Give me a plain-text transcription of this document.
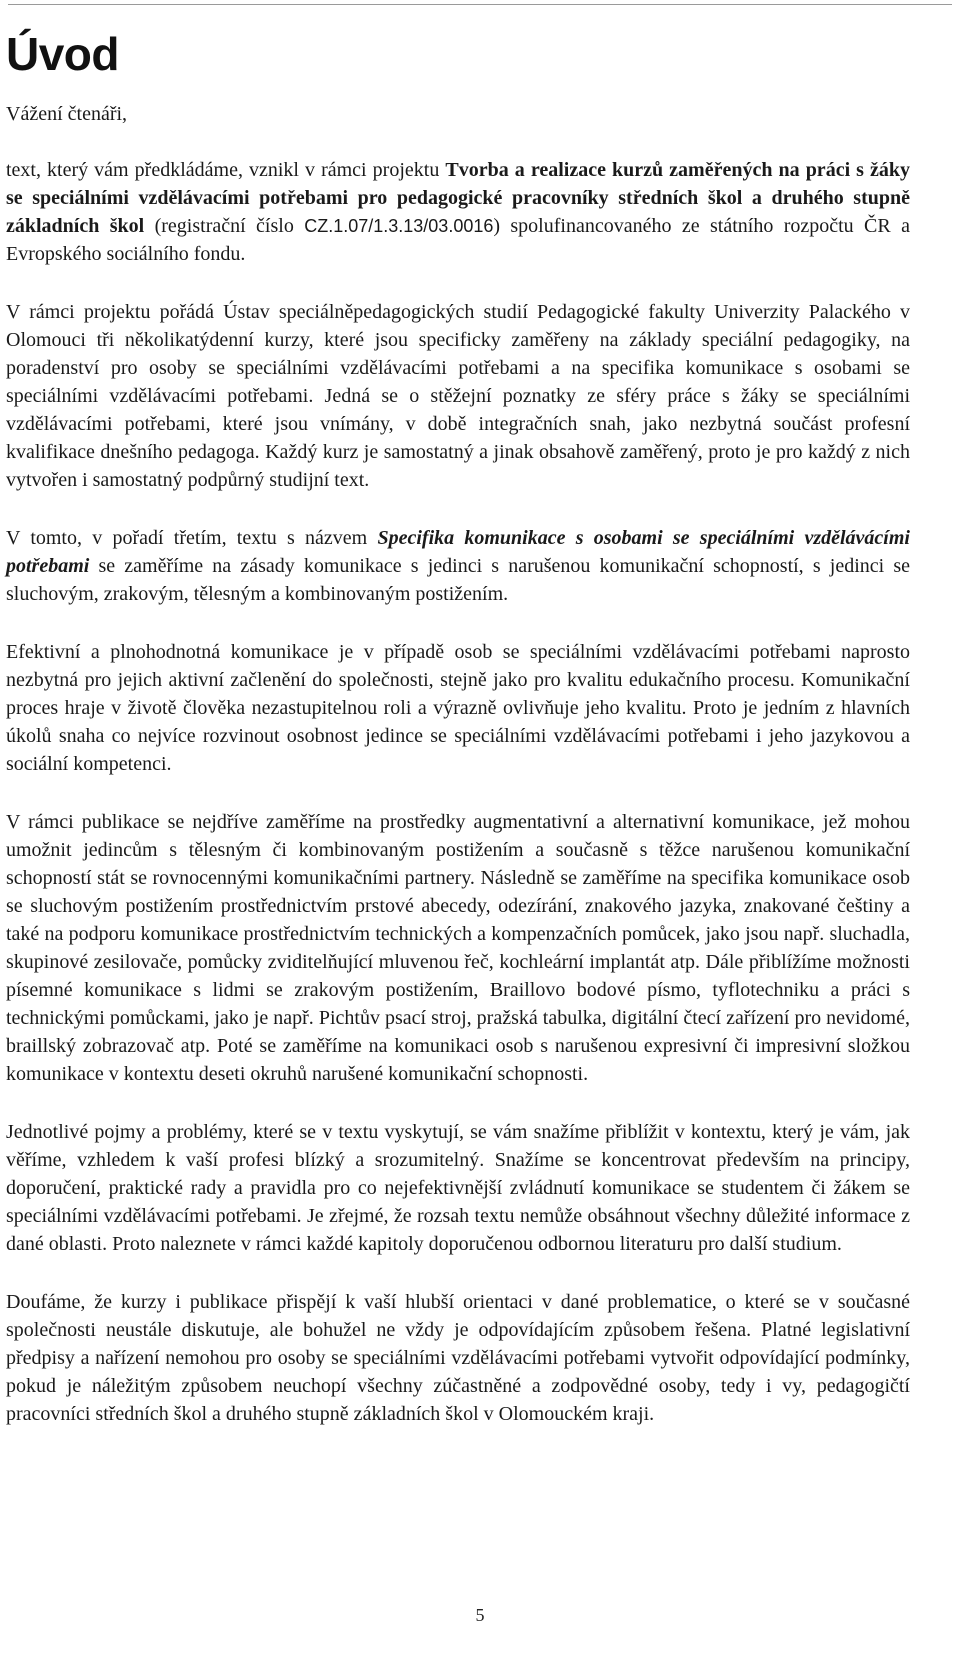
Úvod

Vážení čtenáři,

text, který vám předkládáme, vznikl v rámci projektu Tvorba a realizace kurzů zaměřených na práci s žáky se speciálními vzdělávacími potřebami pro pedagogické pracovníky středních škol a druhého stupně základních škol (registrační číslo CZ.1.07/1.3.13/03.0016) spolufinancovaného ze státního rozpočtu ČR a Evropského sociálního fondu.

V rámci projektu pořádá Ústav speciálněpedagogických studií Pedagogické fakulty Univerzity Palackého v Olomouci tři několikatýdenní kurzy, které jsou specificky zaměřeny na základy speciální pedagogiky, na poradenství pro osoby se speciálními vzdělávacími potřebami a na specifika komunikace s osobami se speciálními vzdělávacími potřebami. Jedná se o stěžejní poznatky ze sféry práce s žáky se speciálními vzdělávacími potřebami, které jsou vnímány, v době integračních snah, jako nezbytná součást profesní kvalifikace dnešního pedagoga. Každý kurz je samostatný a jinak obsahově zaměřený, proto je pro každý z nich vytvořen i samostatný podpůrný studijní text.

V tomto, v pořadí třetím, textu s názvem Specifika komunikace s osobami se speciálními vzdělávácími potřebami se zaměříme na zásady komunikace s jedinci s narušenou komunikační schopností, s jedinci se sluchovým, zrakovým, tělesným a kombinovaným postižením.

Efektivní a plnohodnotná komunikace je v případě osob se speciálními vzdělávacími potřebami naprosto nezbytná pro jejich aktivní začlenění do společnosti, stejně jako pro kvalitu edukačního procesu. Komunikační proces hraje v životě člověka nezastupitelnou roli a výrazně ovlivňuje jeho kvalitu. Proto je jedním z hlavních úkolů snaha co nejvíce rozvinout osobnost jedince se speciálními vzdělávacími potřebami i jeho jazykovou a sociální kompetenci.

V rámci publikace se nejdříve zaměříme na prostředky augmentativní a alternativní komunikace, jež mohou umožnit jedincům s tělesným či kombinovaným postižením a současně s těžce narušenou komunikační schopností stát se rovnocennými komunikačními partnery. Následně se zaměříme na specifika komunikace osob se sluchovým postižením prostřednictvím prstové abecedy, odezírání, znakového jazyka, znakované češtiny a také na podporu komunikace prostřednictvím technických a kompenzačních pomůcek, jako jsou např. sluchadla, skupinové zesilovače, pomůcky zviditelňující mluvenou řeč, kochleární implantát atp. Dále přiblížíme možnosti písemné komunikace s lidmi se zrakovým postižením, Braillovo bodové písmo, tyflotechniku a práci s technickými pomůckami, jako je např. Pichtův psací stroj, pražská tabulka, digitální čtecí zařízení pro nevidomé, braillský zobrazovač atp. Poté se zaměříme na komunikaci osob s narušenou expresivní či impresivní složkou komunikace v kontextu deseti okruhů narušené komunikační schopnosti.

Jednotlivé pojmy a problémy, které se v textu vyskytují, se vám snažíme přiblížit v kontextu, který je vám, jak věříme, vzhledem k vaší profesi blízký a srozumitelný. Snažíme se koncentrovat především na principy, doporučení, praktické rady a pravidla pro co nejefektivnější zvládnutí komunikace se studentem či žákem se speciálními vzdělávacími potřebami. Je zřejmé, že rozsah textu nemůže obsáhnout všechny důležité informace z dané oblasti. Proto naleznete v rámci každé kapitoly doporučenou odbornou literaturu pro další studium.

Doufáme, že kurzy i publikace přispějí k vaší hlubší orientaci v dané problematice, o které se v současné společnosti neustále diskutuje, ale bohužel ne vždy je odpovídajícím způsobem řešena. Platné legislativní předpisy a nařízení nemohou pro osoby se speciálními vzdělávacími potřebami vytvořit odpovídající podmínky, pokud je náležitým způsobem neuchopí všechny zúčastněné a zodpovědné osoby, tedy i vy, pedagogičtí pracovníci středních škol a druhého stupně základních škol v Olomouckém kraji.

5
